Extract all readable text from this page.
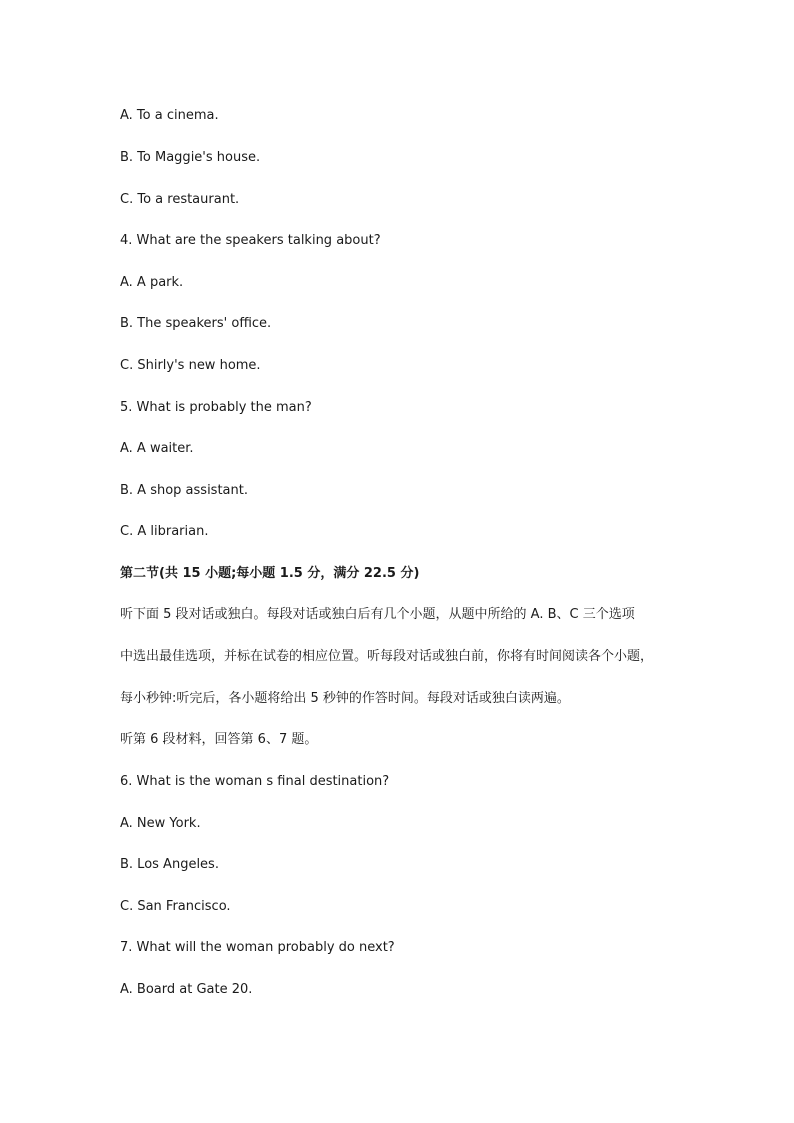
A. To a cinema.
B. To Maggie's house.
C. To a restaurant.
4. What are the speakers talking about?
A. A park.
B. The speakers' office.
C. Shirly's new home.
5. What is probably the man?
A. A waiter.
B. A shop assistant.
C. A librarian.
第二节(共 15 小题;每小题 1.5 分，满分 22.5 分)
听下面 5 段对话或独白。每段对话或独白后有几个小题，从题中所给的 A. B、C 三个选项
中选出最佳选项，并标在试卷的相应位置。听每段对话或独白前，你将有时间阅读各个小题，
每小秒钟:听完后，各小题将给出 5 秒钟的作答时间。每段对话或独白读两遍。
听第 6 段材料，回答第 6、7 题。
6. What is the woman s final destination?
A. New York.
B. Los Angeles.
C. San Francisco.
7. What will the woman probably do next?
A. Board at Gate 20.
